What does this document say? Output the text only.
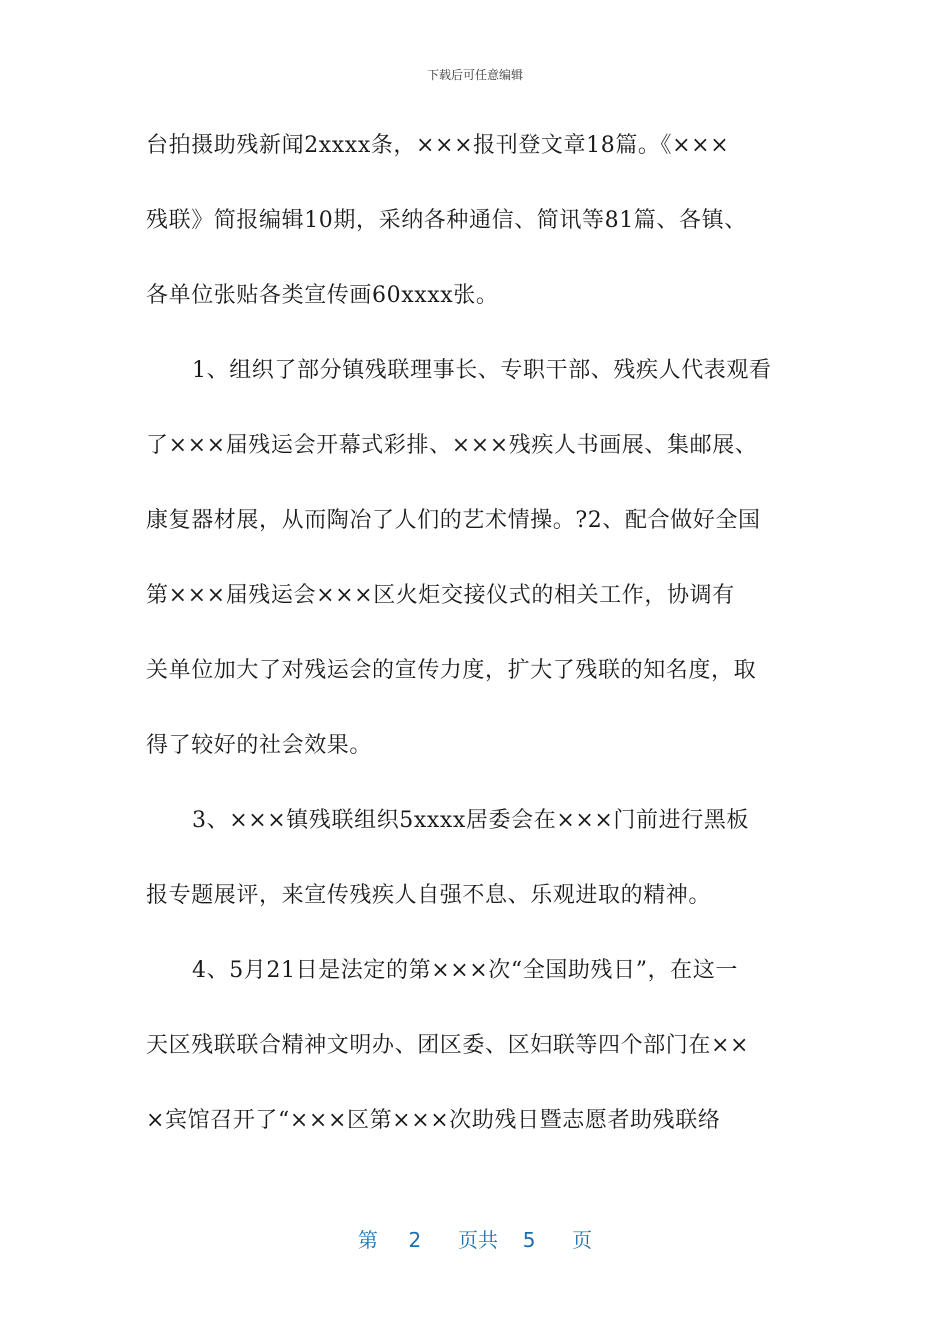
下载后可任意编辑
台拍摄助残新闻2xxxx条，×××报刊登文章18篇。《×××
残联》简报编辑10期，采纳各种通信、简讯等81篇、各镇、
各单位张贴各类宣传画60xxxx张。
1、组织了部分镇残联理事长、专职干部、残疾人代表观看
了×××届残运会开幕式彩排、×××残疾人书画展、集邮展、
康复器材展，从而陶冶了人们的艺术情操。?2、配合做好全国
第×××届残运会×××区火炬交接仪式的相关工作，协调有
关单位加大了对残运会的宣传力度，扩大了残联的知名度，取
得了较好的社会效果。
3、×××镇残联组织5xxxx居委会在×××门前进行黑板
报专题展评，来宣传残疾人自强不息、乐观进取的精神。
4、5月21日是法定的第×××次“全国助残日”，在这一
天区残联联合精神文明办、团区委、区妇联等四个部门在××
×宾馆召开了“×××区第×××次助残日暨志愿者助残联络
第 2 页共 5 页
